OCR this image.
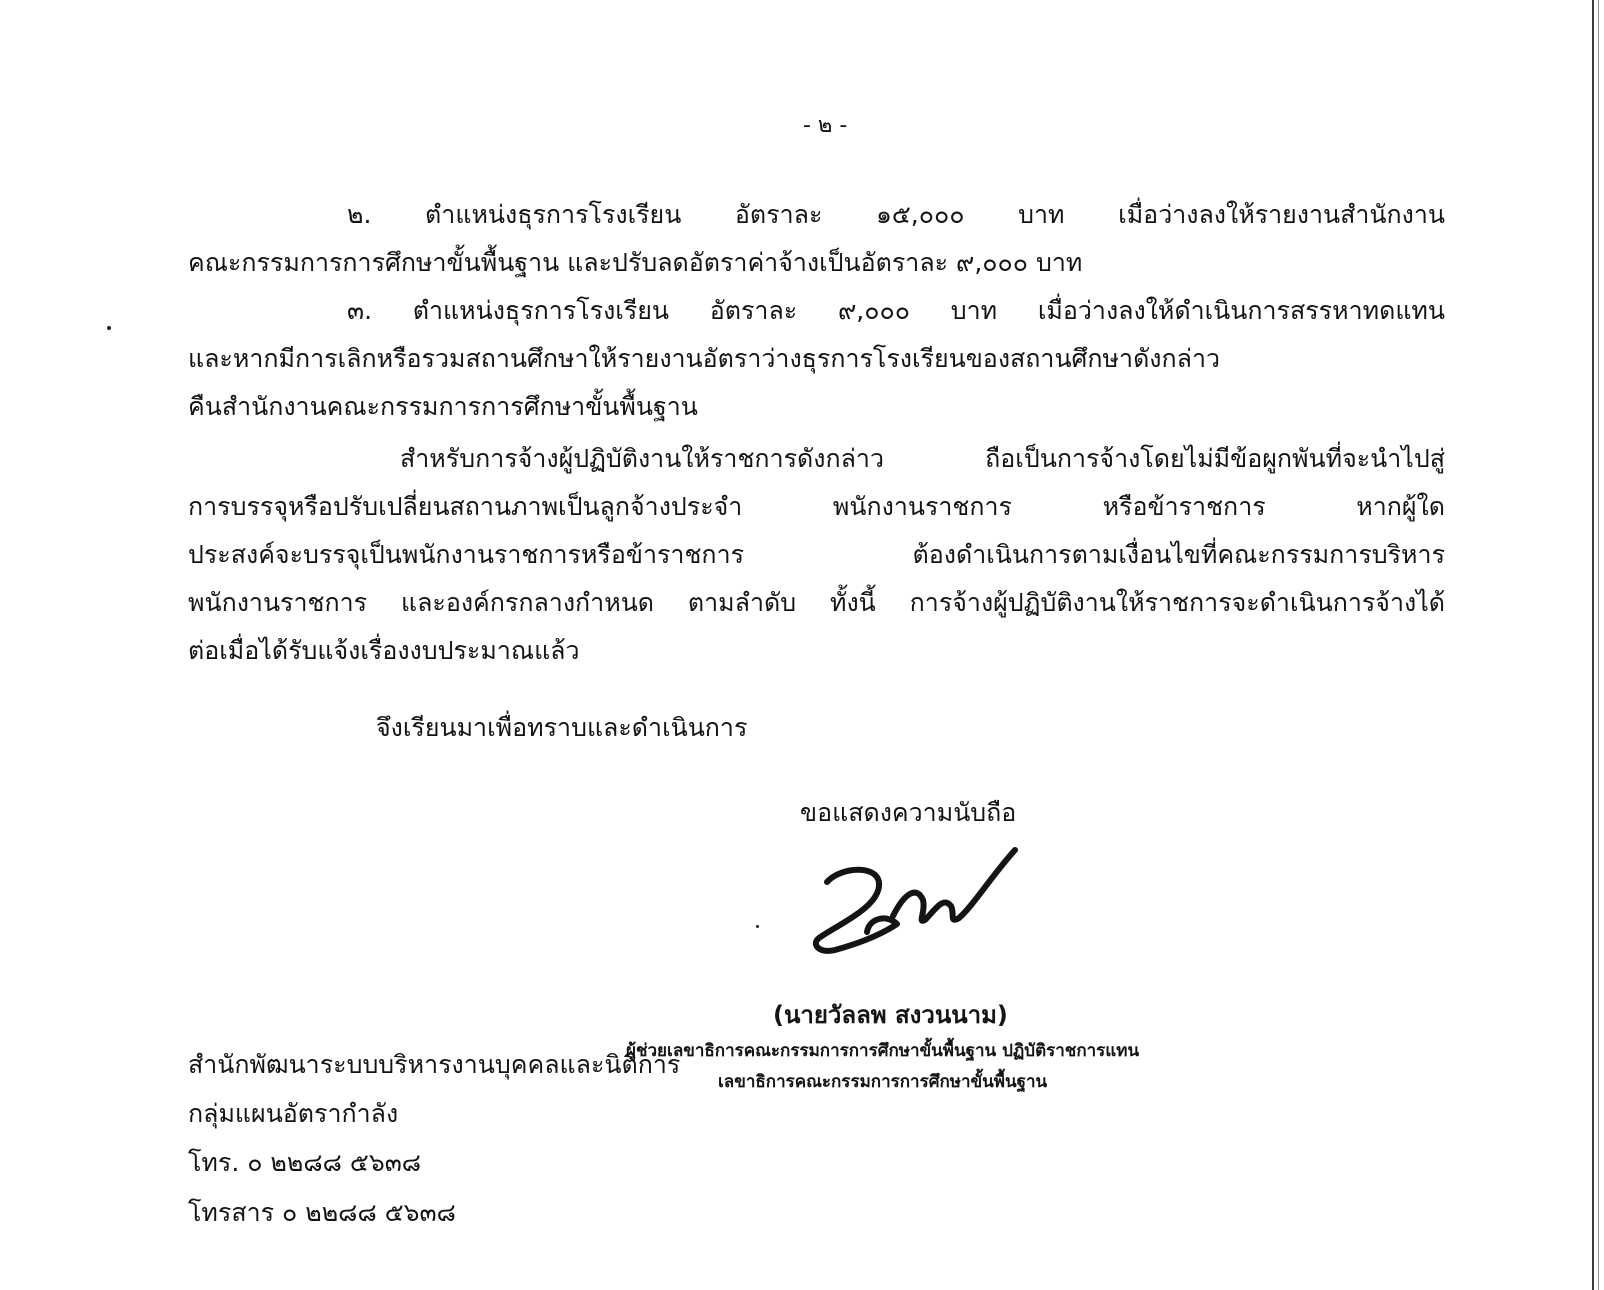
- ๒ -

๒. ตำแหน่งธุรการโรงเรียน อัตราละ ๑๕,๐๐๐ บาท เมื่อว่างลงให้รายงานสำนักงาน

คณะกรรมการการศึกษาขั้นพื้นฐาน และปรับลดอัตราค่าจ้างเป็นอัตราละ ๙,๐๐๐ บาท

๓. ตำแหน่งธุรการโรงเรียน อัตราละ ๙,๐๐๐ บาท เมื่อว่างลงให้ดำเนินการสรรหาทดแทน

และหากมีการเลิกหรือรวมสถานศึกษาให้รายงานอัตราว่างธุรการโรงเรียนของสถานศึกษาดังกล่าว

คืนสำนักงานคณะกรรมการการศึกษาขั้นพื้นฐาน

สำหรับการจ้างผู้ปฏิบัติงานให้ราชการดังกล่าว ถือเป็นการจ้างโดยไม่มีข้อผูกพันที่จะนำไปสู่

การบรรจุหรือปรับเปลี่ยนสถานภาพเป็นลูกจ้างประจำ พนักงานราชการ หรือข้าราชการ หากผู้ใด

ประสงค์จะบรรจุเป็นพนักงานราชการหรือข้าราชการ ต้องดำเนินการตามเงื่อนไขที่คณะกรรมการบริหาร

พนักงานราชการ และองค์กรกลางกำหนด ตามลำดับ ทั้งนี้ การจ้างผู้ปฏิบัติงานให้ราชการจะดำเนินการจ้างได้

ต่อเมื่อได้รับแจ้งเรื่องงบประมาณแล้ว

จึงเรียนมาเพื่อทราบและดำเนินการ

ขอแสดงความนับถือ

(นายวัลลพ สงวนนาม)

ผู้ช่วยเลขาธิการคณะกรรมการการศึกษาขั้นพื้นฐาน ปฏิบัติราชการแทน

เลขาธิการคณะกรรมการการศึกษาขั้นพื้นฐาน

สำนักพัฒนาระบบบริหารงานบุคคลและนิติการ

กลุ่มแผนอัตรากำลัง

โทร. ๐ ๒๒๘๘ ๕๖๓๘

โทรสาร ๐ ๒๒๘๘ ๕๖๓๘
